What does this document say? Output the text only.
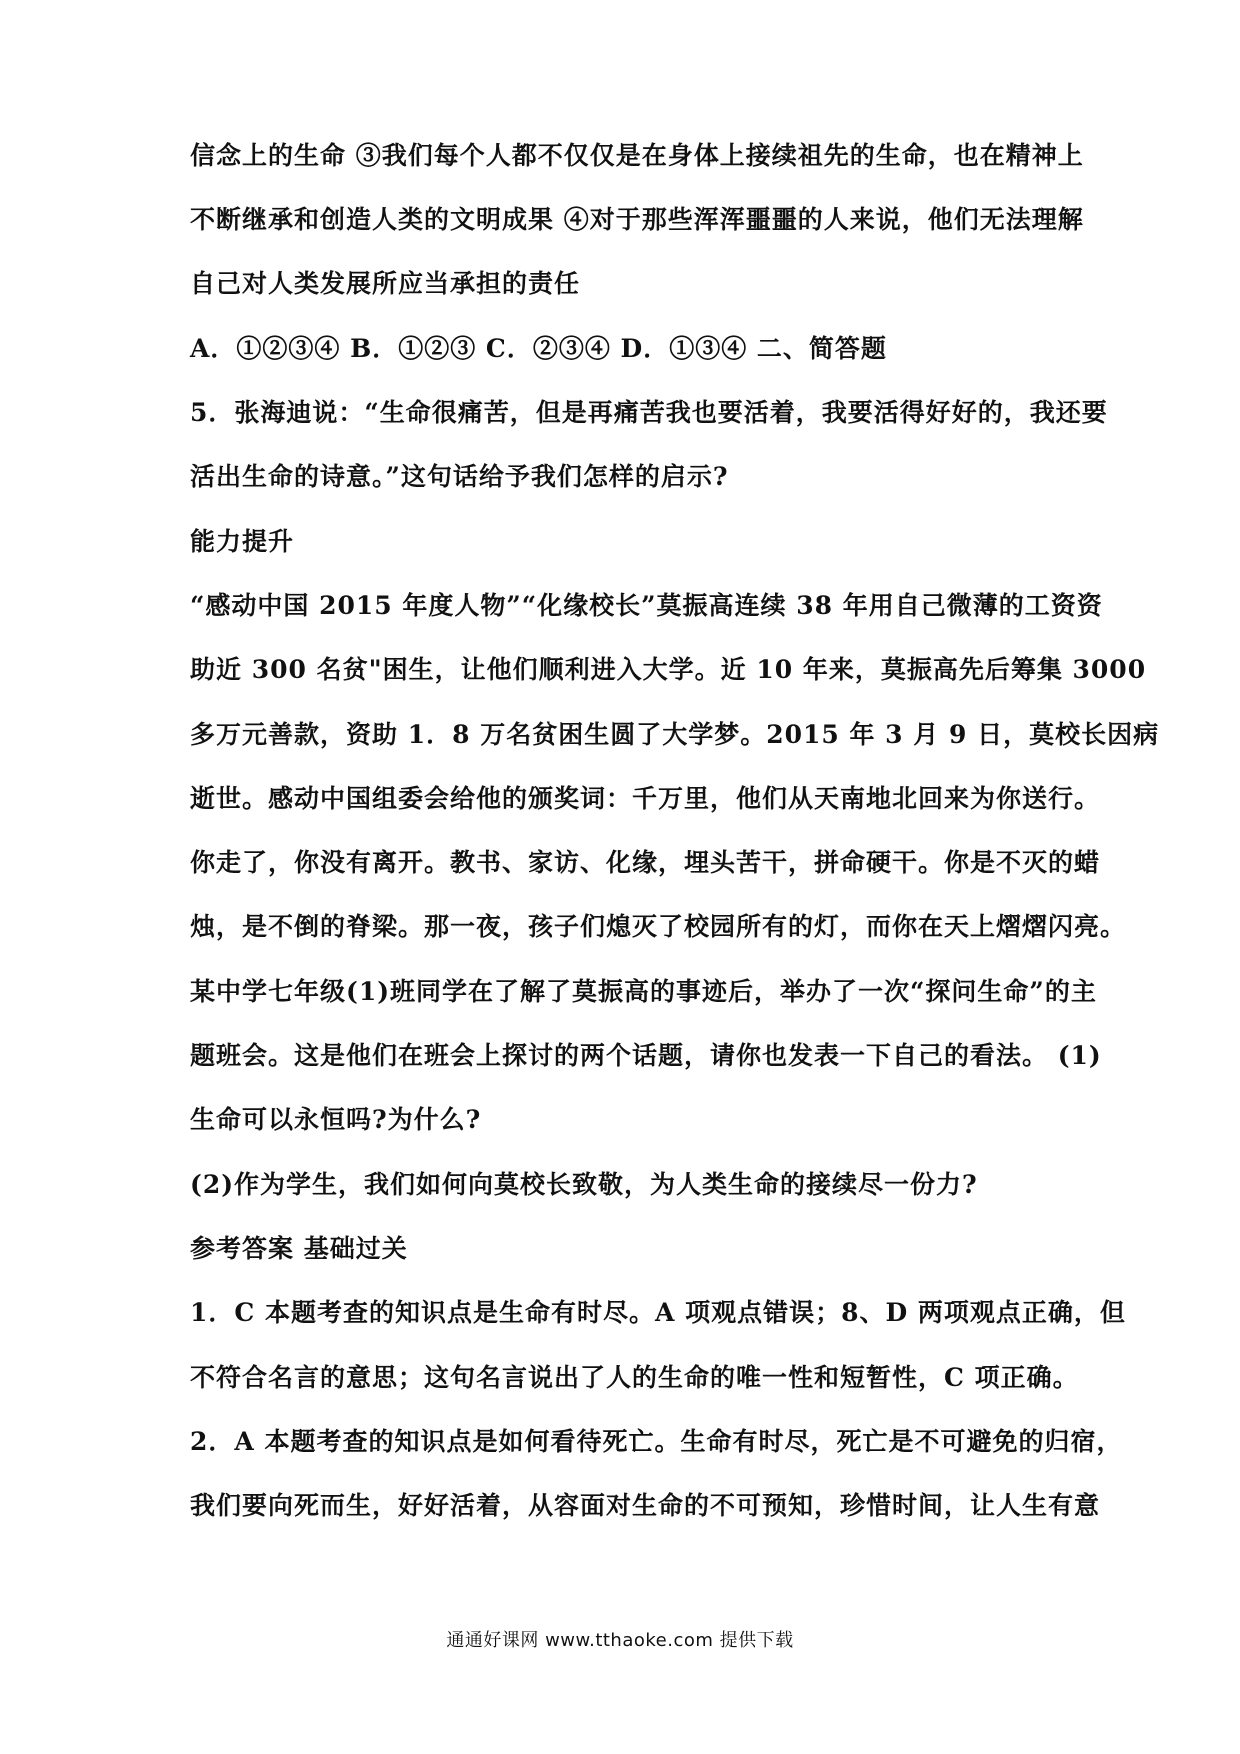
信念上的生命 ③我们每个人都不仅仅是在身体上接续祖先的生命，也在精神上
不断继承和创造人类的文明成果 ④对于那些浑浑噩噩的人来说，他们无法理解
自己对人类发展所应当承担的责任
A．①②③④ B．①②③ C．②③④ D．①③④ 二、简答题
5．张海迪说：“生命很痛苦，但是再痛苦我也要活着，我要活得好好的，我还要
活出生命的诗意。”这句话给予我们怎样的启示?
能力提升
“感动中国 2015 年度人物”“化缘校长”莫振高连续 38 年用自己微薄的工资资
助近 300 名贫"困生，让他们顺利进入大学。近 10 年来，莫振高先后筹集 3000
多万元善款，资助 1．8 万名贫困生圆了大学梦。2015 年 3 月 9 日，莫校长因病
逝世。感动中国组委会给他的颁奖词：千万里，他们从天南地北回来为你送行。
你走了，你没有离开。教书、家访、化缘，埋头苦干，拼命硬干。你是不灭的蜡
烛，是不倒的脊梁。那一夜，孩子们熄灭了校园所有的灯，而你在天上熠熠闪亮。
某中学七年级(1)班同学在了解了莫振高的事迹后，举办了一次“探问生命”的主
题班会。这是他们在班会上探讨的两个话题，请你也发表一下自己的看法。 (1)
生命可以永恒吗?为什么?
(2)作为学生，我们如何向莫校长致敬，为人类生命的接续尽一份力?
参考答案 基础过关
1．C 本题考查的知识点是生命有时尽。A 项观点错误；8、D 两项观点正确，但
不符合名言的意思；这句名言说出了人的生命的唯一性和短暂性，C 项正确。
2．A 本题考查的知识点是如何看待死亡。生命有时尽，死亡是不可避免的归宿，
我们要向死而生，好好活着，从容面对生命的不可预知，珍惜时间，让人生有意
通通好课网 www.tthaoke.com 提供下载
